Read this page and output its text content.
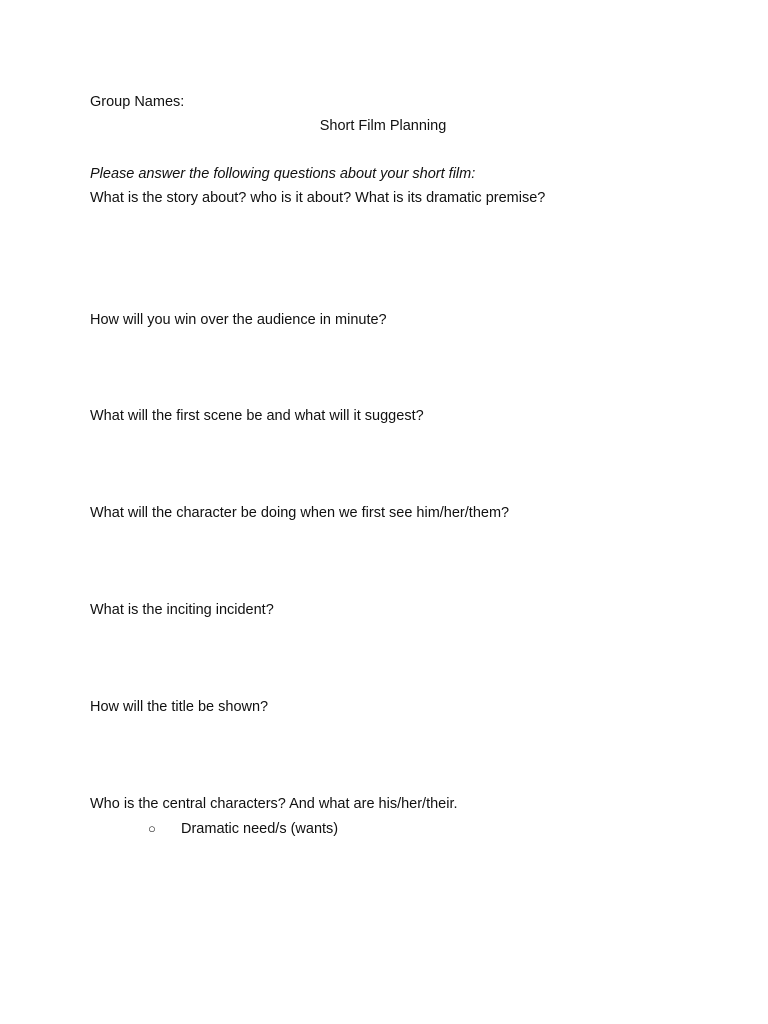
Group Names:
Short Film Planning
Please answer the following questions about your short film:
What is the story about? who is it about? What is its dramatic premise?
How will you win over the audience in minute?
What will the first scene be and what will it suggest?
What will the character be doing when we first see him/her/them?
What is the inciting incident?
How will the title be shown?
Who is the central characters? And what are his/her/their.
○ Dramatic need/s (wants)
